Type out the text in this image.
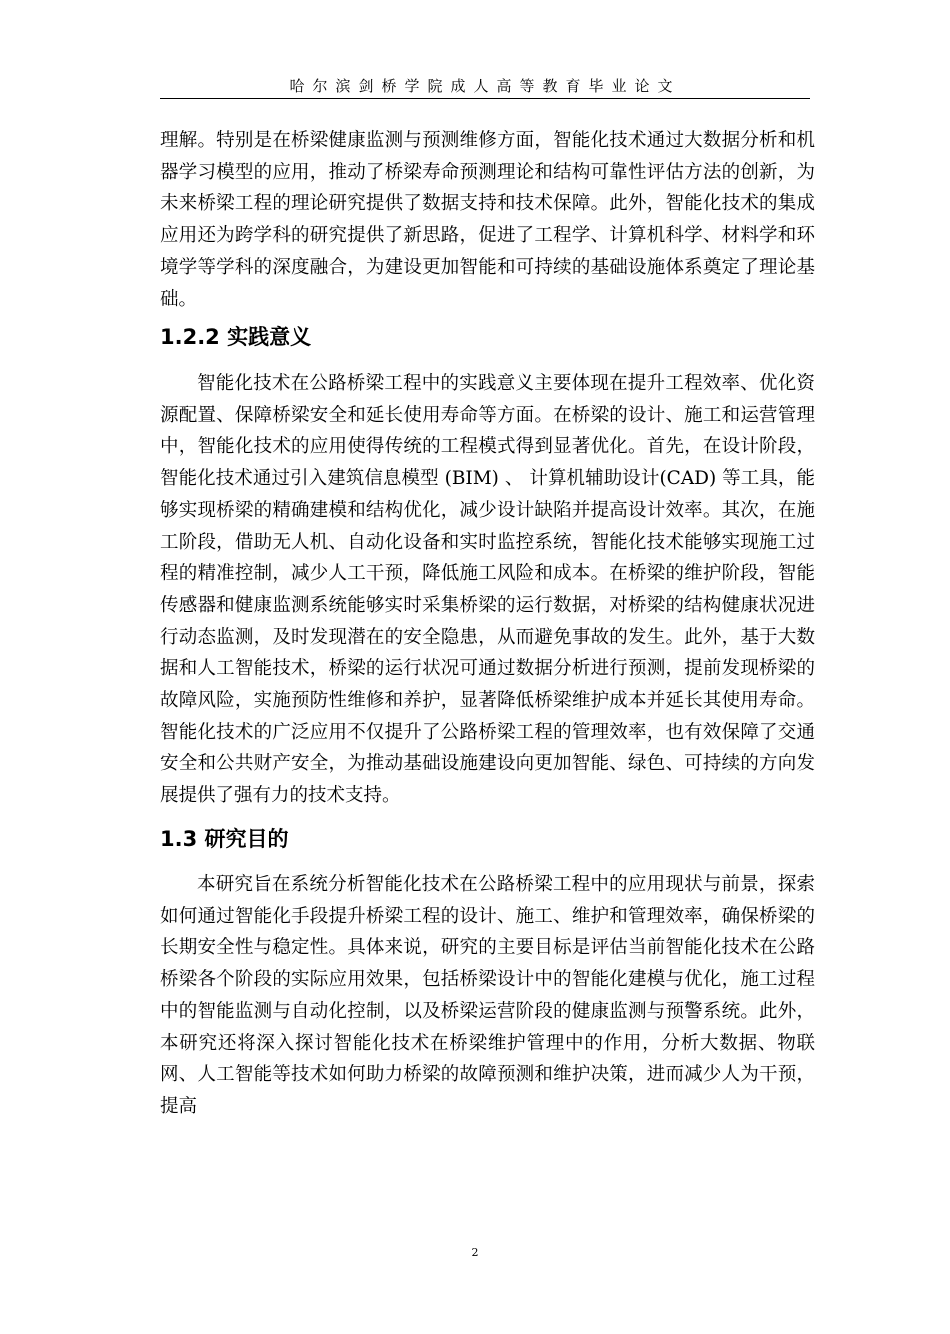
哈尔滨剑桥学院成人高等教育毕业论文

理解。特别是在桥梁健康监测与预测维修方面，智能化技术通过大数据分析和机器学习模型的应用，推动了桥梁寿命预测理论和结构可靠性评估方法的创新，为未来桥梁工程的理论研究提供了数据支持和技术保障。此外，智能化技术的集成应用还为跨学科的研究提供了新思路，促进了工程学、计算机科学、材料学和环境学等学科的深度融合，为建设更加智能和可持续的基础设施体系奠定了理论基础。

1.2.2 实践意义

智能化技术在公路桥梁工程中的实践意义主要体现在提升工程效率、优化资源配置、保障桥梁安全和延长使用寿命等方面。在桥梁的设计、施工和运营管理中，智能化技术的应用使得传统的工程模式得到显著优化。首先，在设计阶段，智能化技术通过引入建筑信息模型 (BIM) 、 计算机辅助设计(CAD) 等工具，能够实现桥梁的精确建模和结构优化，减少设计缺陷并提高设计效率。其次，在施工阶段，借助无人机、自动化设备和实时监控系统，智能化技术能够实现施工过程的精准控制，减少人工干预，降低施工风险和成本。在桥梁的维护阶段，智能传感器和健康监测系统能够实时采集桥梁的运行数据，对桥梁的结构健康状况进行动态监测，及时发现潜在的安全隐患，从而避免事故的发生。此外，基于大数据和人工智能技术，桥梁的运行状况可通过数据分析进行预测，提前发现桥梁的故障风险，实施预防性维修和养护，显著降低桥梁维护成本并延长其使用寿命。智能化技术的广泛应用不仅提升了公路桥梁工程的管理效率，也有效保障了交通安全和公共财产安全，为推动基础设施建设向更加智能、绿色、可持续的方向发展提供了强有力的技术支持。

1.3 研究目的

本研究旨在系统分析智能化技术在公路桥梁工程中的应用现状与前景，探索如何通过智能化手段提升桥梁工程的设计、施工、维护和管理效率，确保桥梁的长期安全性与稳定性。具体来说，研究的主要目标是评估当前智能化技术在公路桥梁各个阶段的实际应用效果，包括桥梁设计中的智能化建模与优化，施工过程中的智能监测与自动化控制，以及桥梁运营阶段的健康监测与预警系统。此外，本研究还将深入探讨智能化技术在桥梁维护管理中的作用，分析大数据、物联网、人工智能等技术如何助力桥梁的故障预测和维护决策，进而减少人为干预，提高

2
